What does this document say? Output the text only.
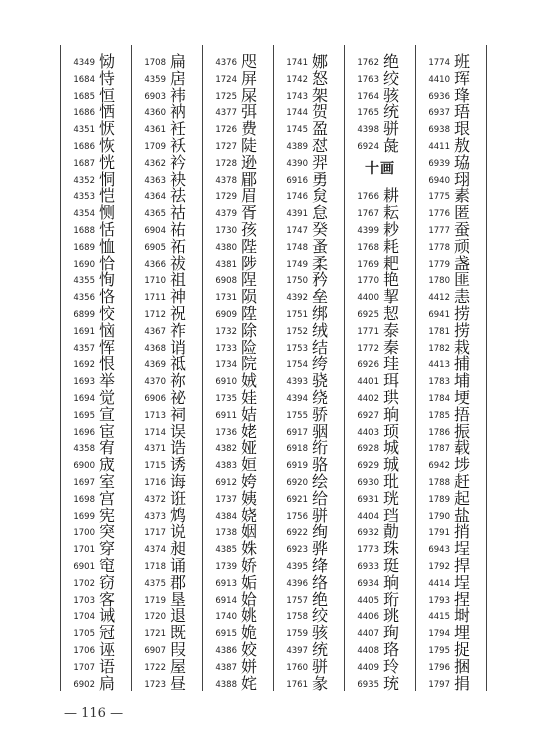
4349 恸
1684 恃
1685 恒
1686 恓
4351 恹
1686 恢
1687 恍
4352 恫
4353 恺
4354 恻
1688 恬
1689 恤
1690 恰
4355 恂
4356 恪
6899 恔
1691 恼
4357 恽
1692 恨
1693 举
1694 觉
1695 宣
1696 宦
4358 宥
6900 宬
1697 室
1698 宫
1699 宪
1700 突
1701 穿
6901 窀
1702 窃
1703 客
1704 诫
1705 冠
1706 诬
1707 语
6902 扃
1708 扁
4359 扂
6903 袆
4360 衲
4361 衽
1709 袄
4362 衿
4363 袂
4364 祛
4365 祜
6904 祐
6905 祏
4366 祓
1710 祖
1711 神
1712 祝
4367 祚
4368 诮
4369 祗
4370 祢
6906 祕
1713 祠
1714 误
4371 诰
1715 诱
1716 诲
4372 诳
4373 鸩
1717 说
4374 昶
1718 诵
4375 郡
1719 垦
1720 退
1721 既
6907 叚
1722 屋
1723 昼
4376 咫
1724 屏
1725 屎
4377 弭
1726 费
1727 陡
1728 逊
4378 郿
1729 眉
4379 胥
1730 孩
4380 陛
4381 陟
6908 陧
1731 陨
6909 陞
1732 除
1733 险
1734 院
6910 娀
1735 娃
6911 姞
1736 姥
4382 娅
4383 姮
6912 姱
1737 姨
4384 娆
1738 姻
4385 姝
1739 娇
6913 姤
6914 姶
1740 姚
6915 姽
4386 姣
4387 姘
4388 姹
1741 娜
1742 怒
1743 架
1744 贺
1745 盈
4389 怼
4390 羿
6916 勇
1746 炱
4391 怠
1747 癸
1748 蚤
1749 柔
1750 矜
4392 垒
1751 绑
1752 绒
1753 结
1754 绔
4393 骁
4394 绕
1755 骄
6917 骃
6918 绗
6919 骆
6920 绘
6921 给
1756 骈
6922 绚
6923 骅
4395 绛
4396 络
1757 绝
1758 绞
1759 骇
4397 统
1760 骈
1761 彖
1762 绝
1763 绞
1764 骇
1765 统
4398 骈
6924 彘
十画
1766 耕
1767 耘
4399 耖
1768 耗
1769 耙
1770 艳
4400 挈
6925 恝
1771 泰
1772 秦
6926 珪
4401 珥
4402 珙
6927 珦
4403 顼
6928 城
6929 珹
6930 玭
6931 珖
4404 珰
6932 勣
1773 珠
6933 珽
6934 珦
4405 珩
4406 珧
4407 珣
4408 珞
4409 玲
6935 珫
1774 班
4410 珲
6936 琒
6937 珸
6938 珢
4411 敖
6939 珕
6940 珝
1775 素
1776 匿
1777 蚕
1778 顽
1779 盏
1780 匪
4412 恚
6941 捞
1781 捞
1782 栽
4413 捕
1783 埔
1784 埂
1785 捂
1786 振
1787 载
6942 埗
1788 赶
1789 起
1790 盐
1791 捎
6943 埕
1792 捍
4414 埕
1793 捏
4415 埘
1794 埋
1795 捉
1796 捆
1797 捐
— 116 —
